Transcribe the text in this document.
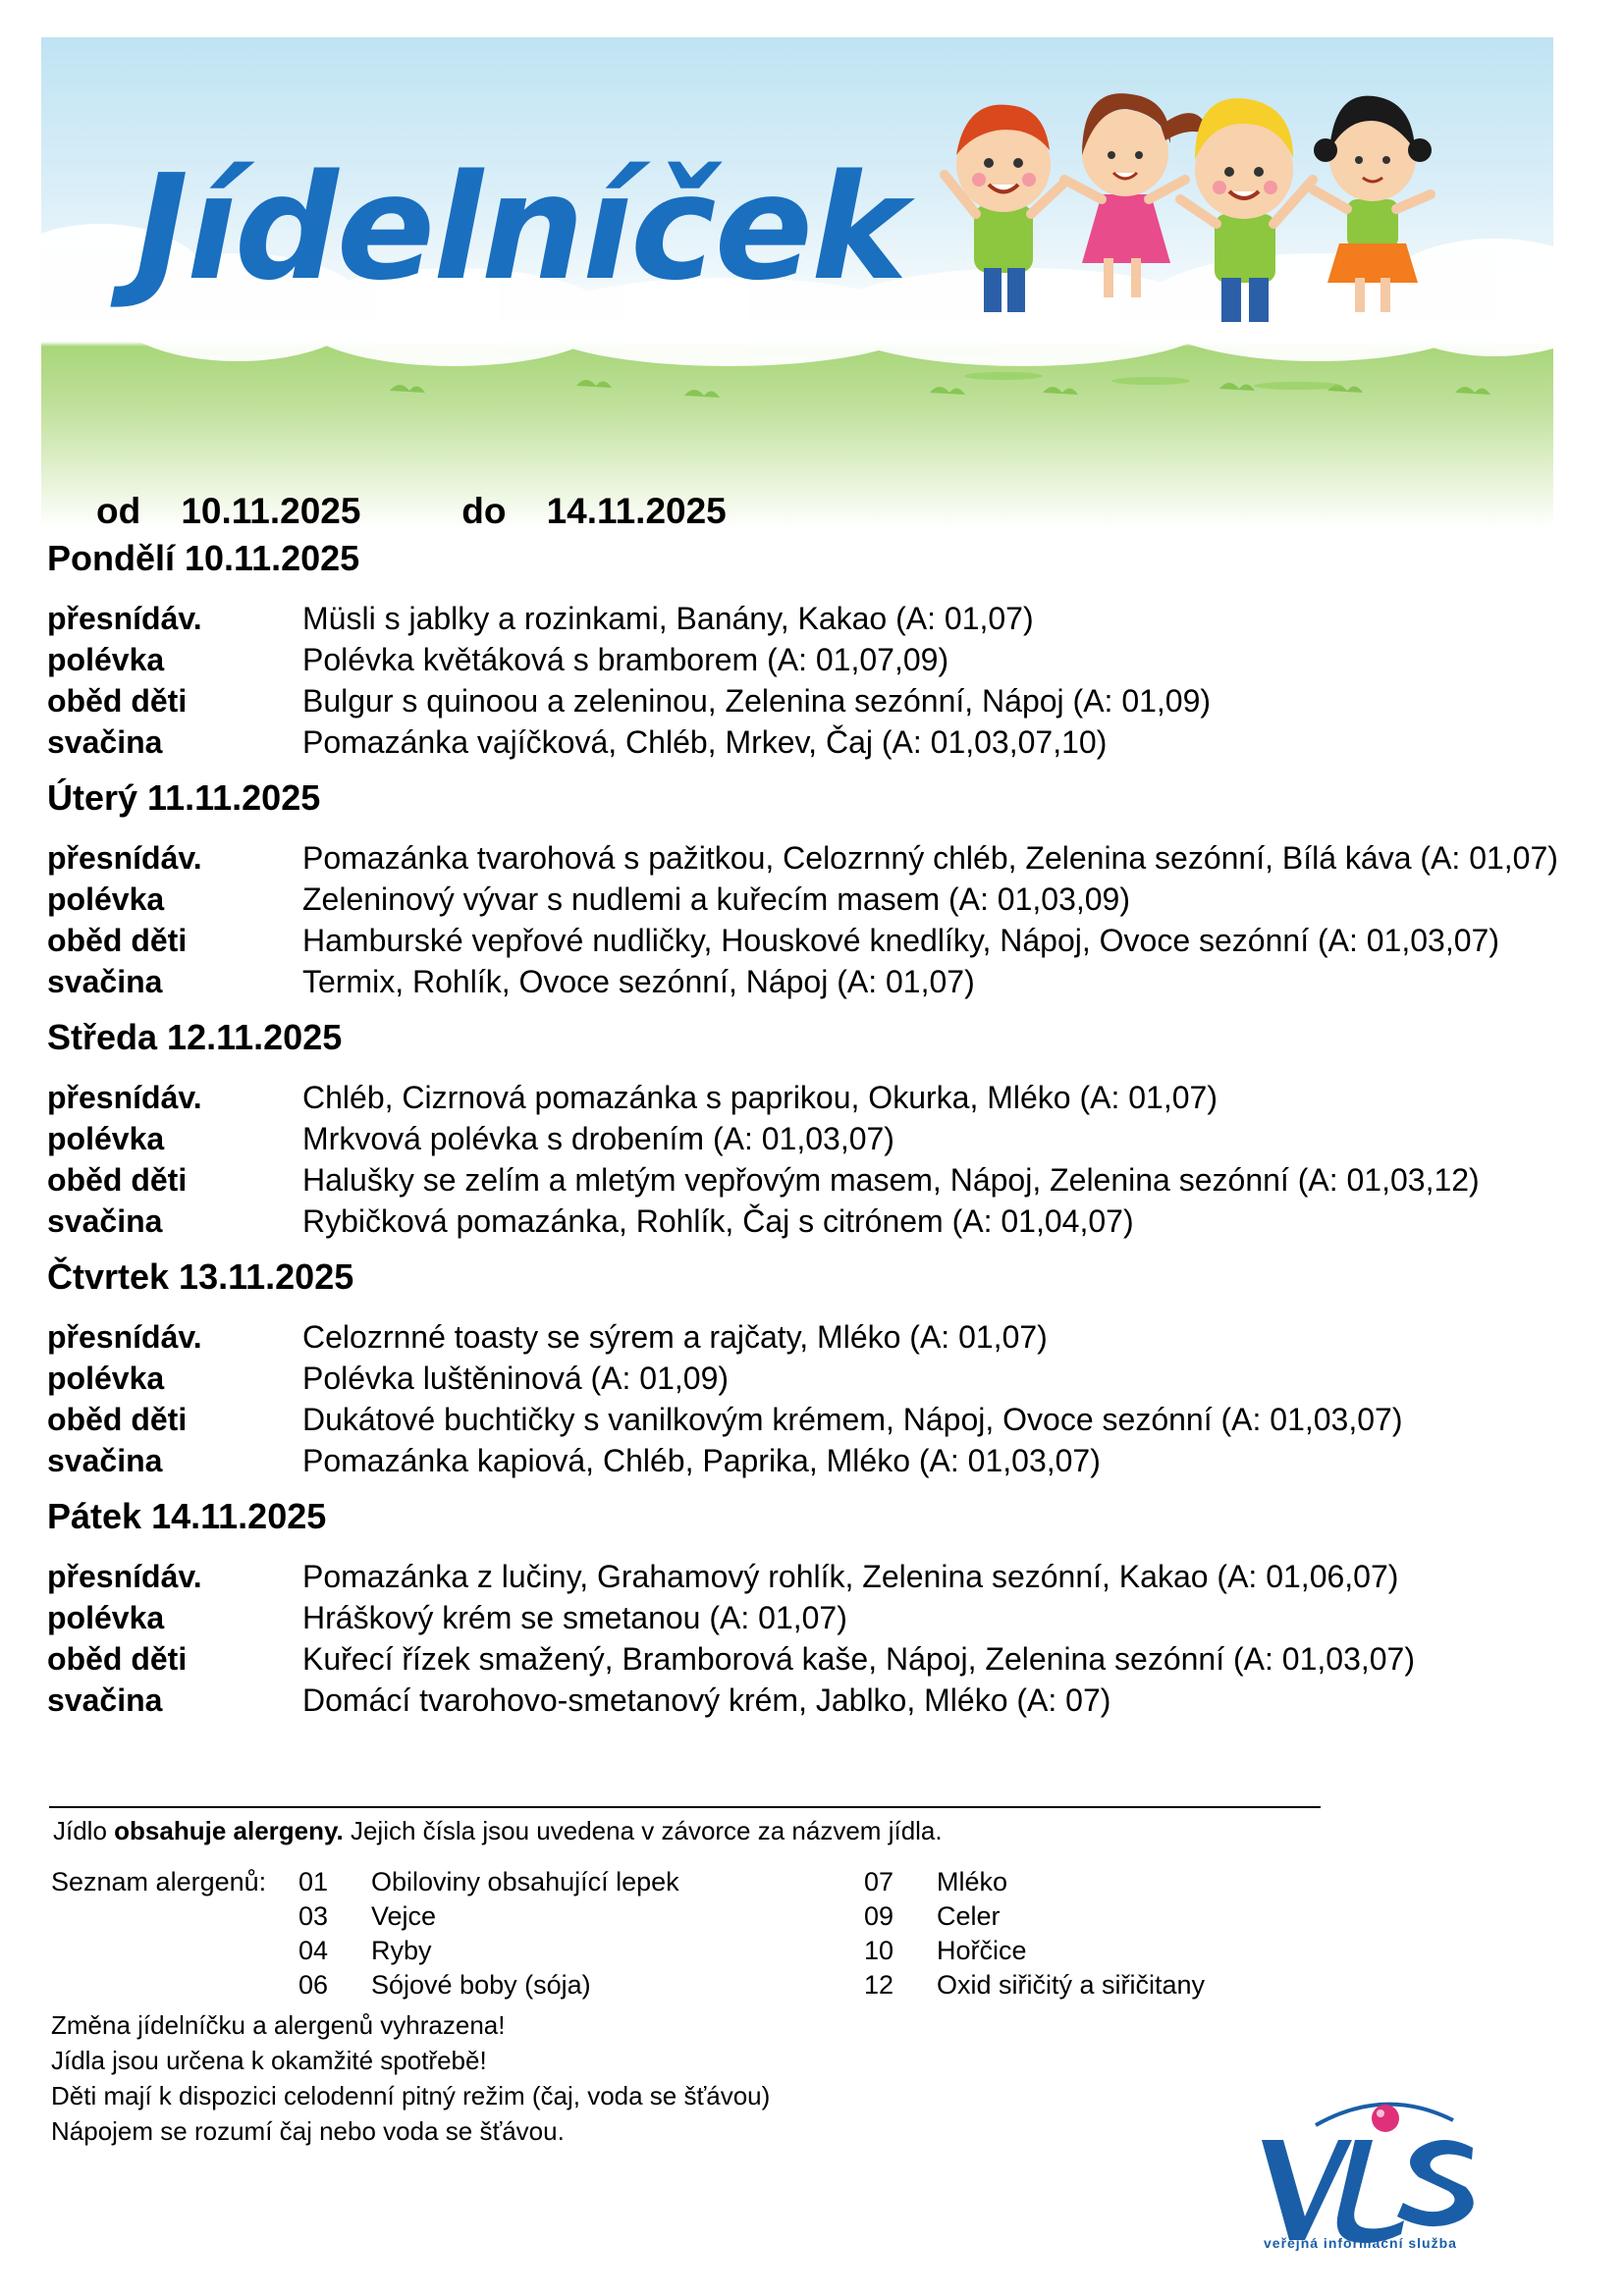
Jídelníček
od 10.11.2025	do 14.11.2025
Pondělí 10.11.2025
přesnídáv.	Müsli s jablky a rozinkami, Banány, Kakao (A: 01,07)
polévka	Polévka květáková s bramborem (A: 01,07,09)
oběd děti	Bulgur s quinoou a zeleninou, Zelenina sezónní, Nápoj (A: 01,09)
svačina	Pomazánka vajíčková, Chléb, Mrkev, Čaj (A: 01,03,07,10)
Úterý 11.11.2025
přesnídáv.	Pomazánka tvarohová s pažitkou, Celozrnný chléb, Zelenina sezónní, Bílá káva (A: 01,07)
polévka	Zeleninový vývar s nudlemi a kuřecím masem (A: 01,03,09)
oběd děti	Hamburské vepřové nudličky, Houskové knedlíky, Nápoj, Ovoce sezónní (A: 01,03,07)
svačina	Termix, Rohlík, Ovoce sezónní, Nápoj (A: 01,07)
Středa 12.11.2025
přesnídáv.	Chléb, Cizrnová pomazánka s paprikou, Okurka, Mléko (A: 01,07)
polévka	Mrkvová polévka s drobením (A: 01,03,07)
oběd děti	Halušky se zelím a mletým vepřovým masem, Nápoj, Zelenina sezónní (A: 01,03,12)
svačina	Rybičková pomazánka, Rohlík, Čaj s citrónem (A: 01,04,07)
Čtvrtek 13.11.2025
přesnídáv.	Celozrnné toasty se sýrem a rajčaty, Mléko (A: 01,07)
polévka	Polévka luštěninová (A: 01,09)
oběd děti	Dukátové buchtičky s vanilkovým krémem, Nápoj, Ovoce sezónní (A: 01,03,07)
svačina	Pomazánka kapiová, Chléb, Paprika, Mléko (A: 01,03,07)
Pátek 14.11.2025
přesnídáv.	Pomazánka z lučiny, Grahamový rohlík, Zelenina sezónní, Kakao (A: 01,06,07)
polévka	Hráškový krém se smetanou (A: 01,07)
oběd děti	Kuřecí řízek smažený, Bramborová kaše, Nápoj, Zelenina sezónní (A: 01,03,07)
svačina	Domácí tvarohovo-smetanový krém, Jablko, Mléko (A: 07)
Jídlo obsahuje alergeny. Jejich čísla jsou uvedena v závorce za názvem jídla.
Seznam alergenů: 01 Obiloviny obsahující lepek
03 Vejce
04 Ryby
06 Sójové boby (sója)
07 Mléko
09 Celer
10 Hořčice
12 Oxid siřičitý a siřičitany
Změna jídelníčku a alergenů vyhrazena!
Jídla jsou určena k okamžité spotřebě!
Děti mají k dispozici celodenní pitný režim (čaj, voda se šťávou)
Nápojem se rozumí čaj nebo voda se šťávou.
veřejná informační služba
